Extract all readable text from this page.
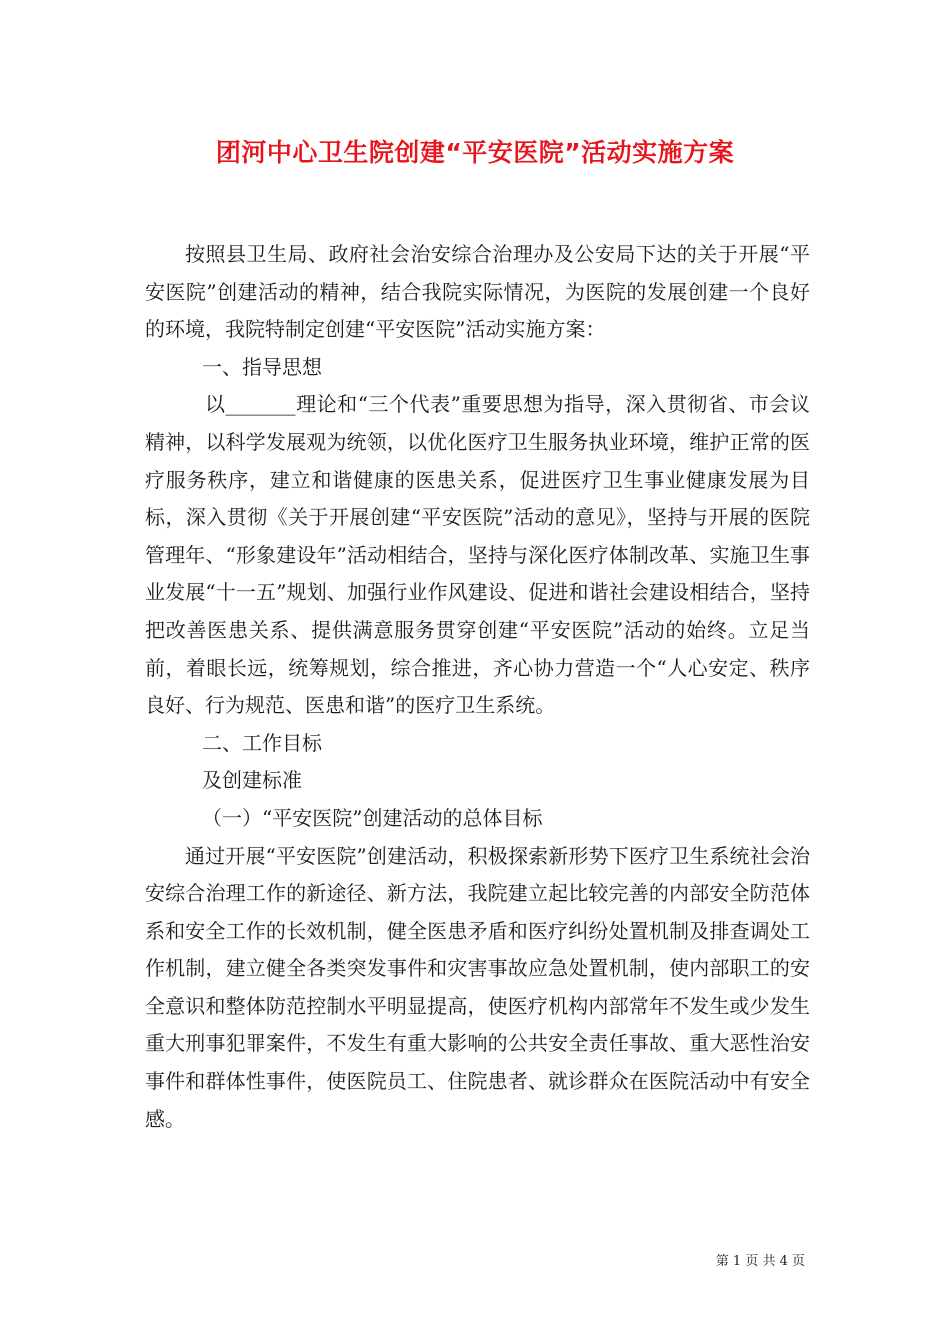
团河中心卫生院创建“平安医院”活动实施方案

按照县卫生局、政府社会治安综合治理办及公安局下达的关于开展“平安医院”创建活动的精神，结合我院实际情况，为医院的发展创建一个良好的环境，我院特制定创建“平安医院”活动实施方案：

一、指导思想

以_______理论和“三个代表”重要思想为指导，深入贯彻省、市会议精神，以科学发展观为统领，以优化医疗卫生服务执业环境，维护正常的医疗服务秩序，建立和谐健康的医患关系，促进医疗卫生事业健康发展为目标，深入贯彻《关于开展创建“平安医院”活动的意见》，坚持与开展的医院管理年、“形象建设年”活动相结合，坚持与深化医疗体制改革、实施卫生事业发展“十一五”规划、加强行业作风建设、促进和谐社会建设相结合，坚持把改善医患关系、提供满意服务贯穿创建“平安医院”活动的始终。立足当前，着眼长远，统筹规划，综合推进，齐心协力营造一个“人心安定、秩序良好、行为规范、医患和谐”的医疗卫生系统。

二、工作目标

及创建标准

（一）“平安医院”创建活动的总体目标

通过开展“平安医院”创建活动，积极探索新形势下医疗卫生系统社会治安综合治理工作的新途径、新方法，我院建立起比较完善的内部安全防范体系和安全工作的长效机制，健全医患矛盾和医疗纠纷处置机制及排查调处工作机制，建立健全各类突发事件和灾害事故应急处置机制，使内部职工的安全意识和整体防范控制水平明显提高，使医疗机构内部常年不发生或少发生重大刑事犯罪案件，不发生有重大影响的公共安全责任事故、重大恶性治安事件和群体性事件，使医院员工、住院患者、就诊群众在医院活动中有安全感。

第 1 页 共 4 页
